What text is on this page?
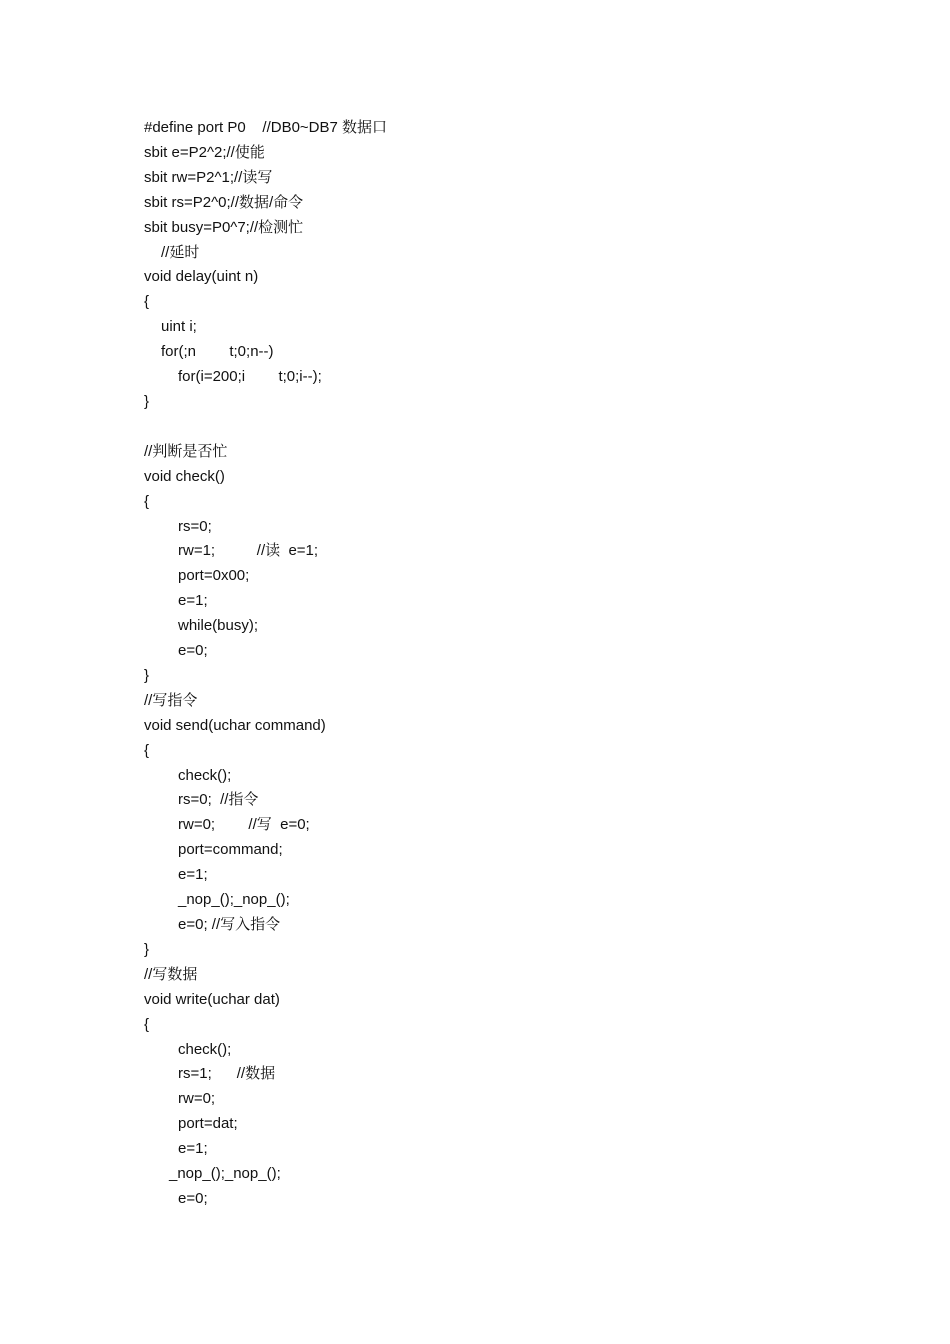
#define port P0    //DB0~DB7 数据口
sbit e=P2^2;//使能
sbit rw=P2^1;//读写
sbit rs=P2^0;//数据/命令
sbit busy=P0^7;//检测忙
//延时
void delay(uint n)
{
uint i;
for(;n        t;0;n--)
for(i=200;i        t;0;i--);
}
//判断是否忙
void check()
{
rs=0;
rw=1;          //读  e=1;
port=0x00;
e=1;
while(busy);
e=0;
}
//写指令
void send(uchar command)
{
check();
rs=0;  //指令
rw=0;        //写  e=0;
port=command;
e=1;
_nop_();_nop_();
e=0; //写入指令
}
//写数据
void write(uchar dat)
{
check();
rs=1;      //数据
rw=0;
port=dat;
e=1;
_nop_();_nop_();
e=0;
